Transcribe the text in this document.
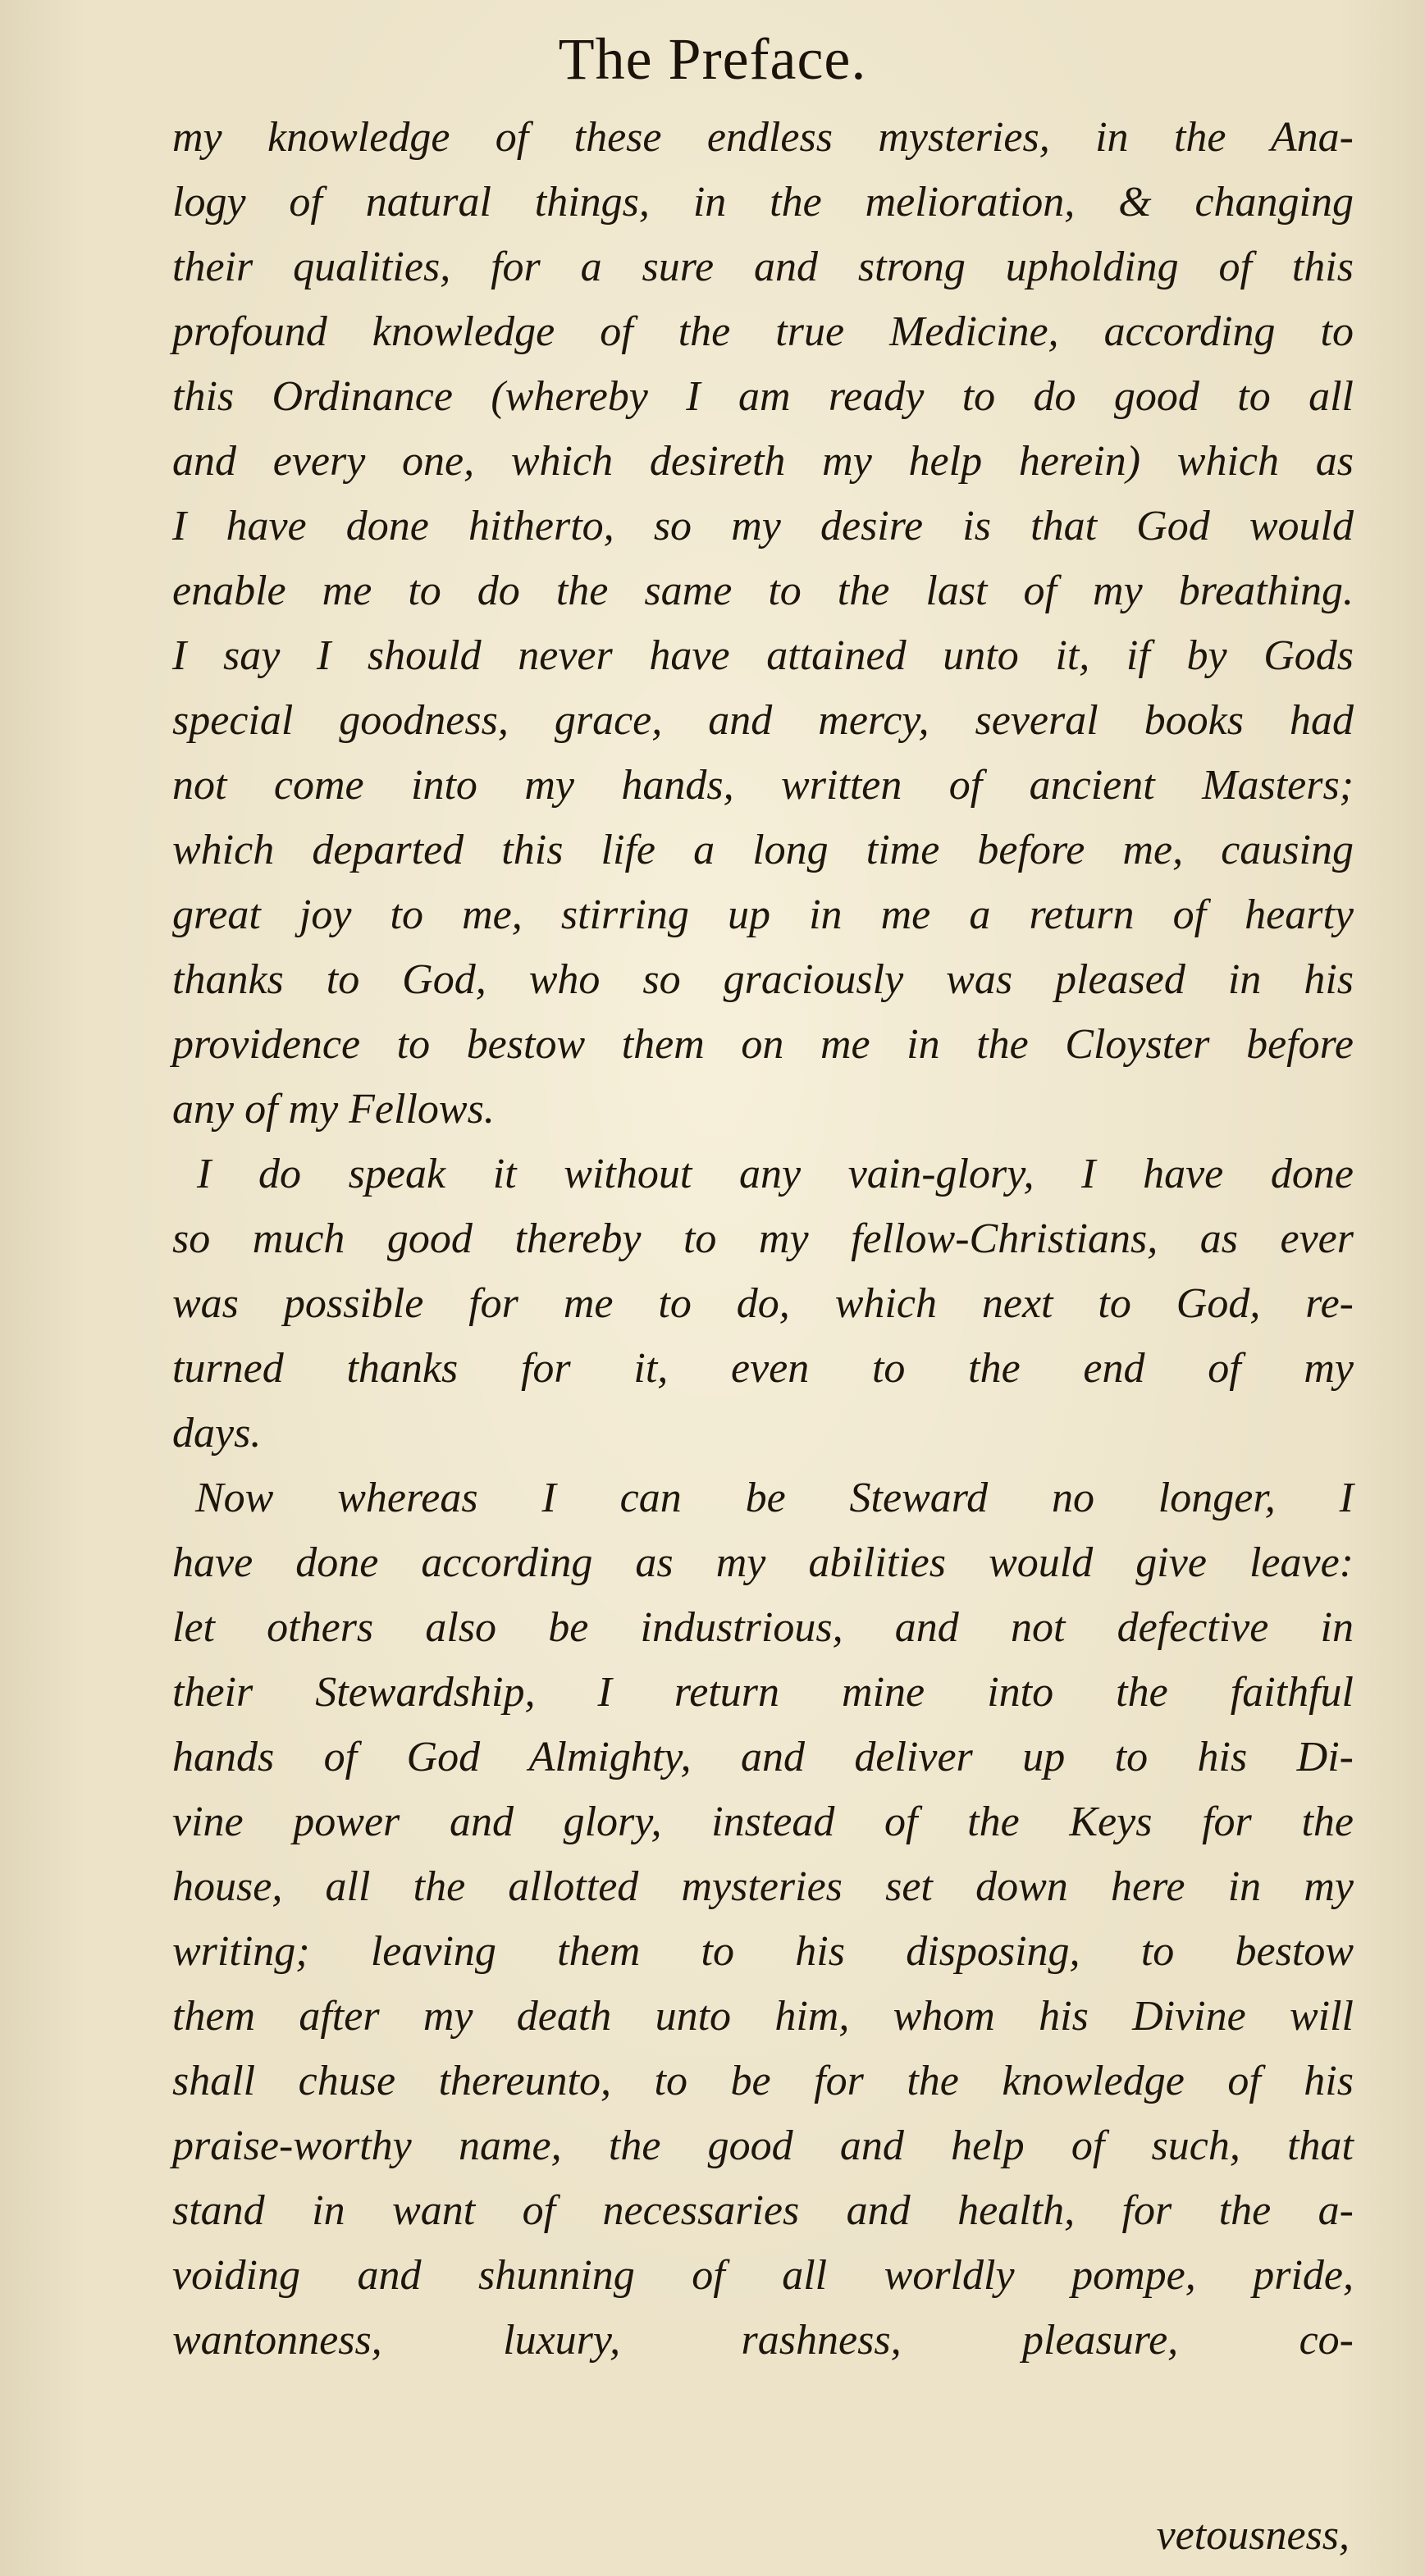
The Preface.

my knowledge of these endless mysteries, in the Ana-
logy of natural things, in the melioration, & changing
their qualities, for a sure and strong upholding of this
profound knowledge of the true Medicine, according to
this Ordinance (whereby I am ready to do good to all
and every one, which desireth my help herein) which as
I have done hitherto, so my desire is that God would
enable me to do the same to the last of my breathing.
I say I should never have attained unto it, if by Gods
special goodness, grace, and mercy, several books had
not come into my hands, written of ancient Masters;
which departed this life a long time before me, causing
great joy to me, stirring up in me a return of hearty
thanks to God, who so graciously was pleased in his
providence to bestow them on me in the Cloyster before
any of my Fellows.

I do speak it without any vain-glory, I have done
so much good thereby to my fellow-Christians, as ever
was possible for me to do, which next to God, re-
turned thanks for it, even to the end of my
days.

Now whereas I can be Steward no longer, I
have done according as my abilities would give leave:
let others also be industrious, and not defective in
their Stewardship, I return mine into the faithful
hands of God Almighty, and deliver up to his Di-
vine power and glory, instead of the Keys for the
house, all the allotted mysteries set down here in my
writing; leaving them to his disposing, to bestow
them after my death unto him, whom his Divine will
shall chuse thereunto, to be for the knowledge of his
praise-worthy name, the good and help of such, that
stand in want of necessaries and health, for the a-
voiding and shunning of all worldly pompe, pride,
wantonness, luxury, rashness, pleasure, co-

vetousness,
